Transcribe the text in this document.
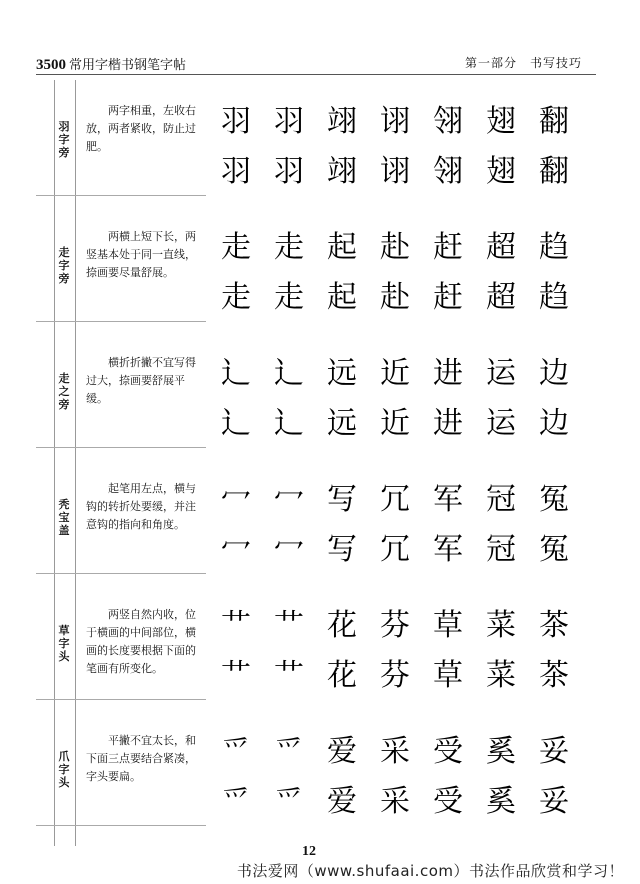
3500 常用字楷书钢笔字帖	第一部分　书写技巧
羽字旁
两字相重，左收右放，两者紧收，防止过肥。
羽 羽 翊 诩 翎 翅 翻
羽 羽 翊 诩 翎 翅 翻
走字旁
两横上短下长，两竖基本处于同一直线，捺画要尽量舒展。
走 走 起 赴 赶 超 趋
走 走 起 赴 赶 超 趋
走之旁
横折折撇不宜写得过大，捺画要舒展平缓。
辶 辶 远 近 进 运 边
辶 辶 远 近 进 运 边
秃宝盖
起笔用左点，横与钩的转折处要缓，并注意钩的指向和角度。
冖 冖 写 冗 军 冠 冤
冖 冖 写 冗 军 冠 冤
草字头
两竖自然内收，位于横画的中间部位，横画的长度要根据下面的笔画有所变化。
艹 艹 花 芬 草 菜 茶
艹 艹 花 芬 草 菜 茶
爪字头
平撇不宜太长，和下面三点要结合紧凑，字头要扁。
爫 爫 爱 采 受 奚 妥
爫 爫 爱 采 受 奚 妥
12
书法爱网（www.shufaai.com）书法作品欣赏和学习！
